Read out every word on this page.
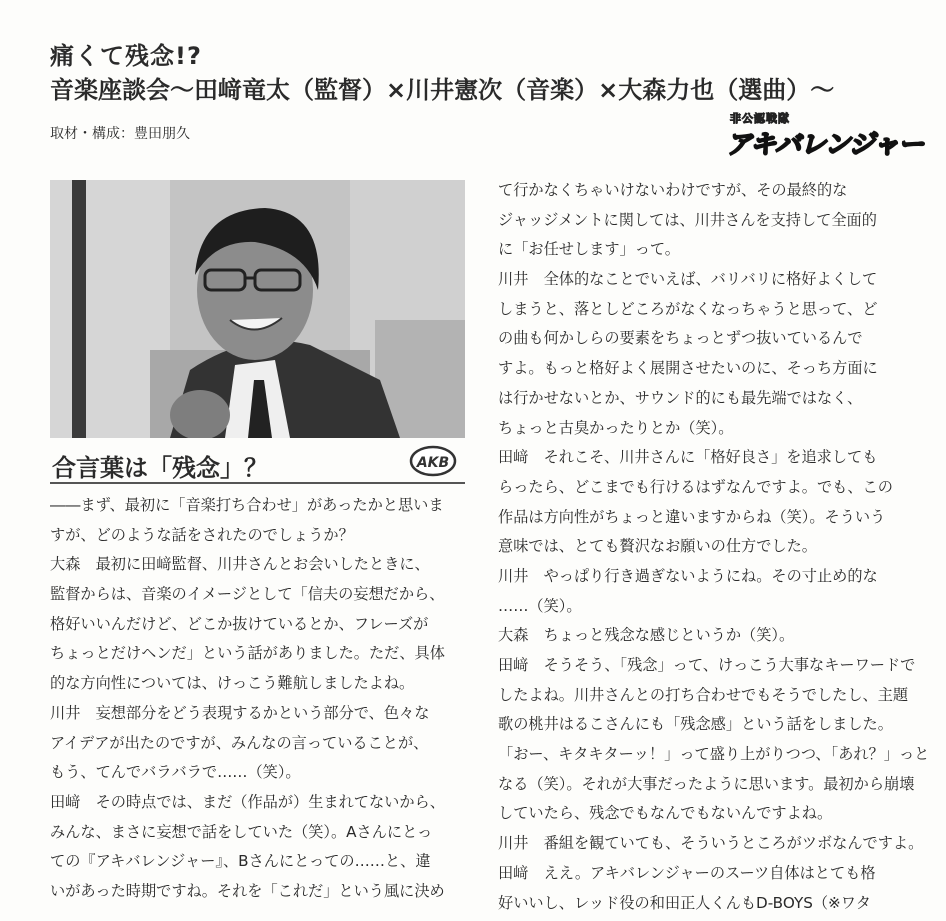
痛くて残念!?
音楽座談会〜田﨑竜太（監督）×川井憲次（音楽）×大森力也（選曲）〜
取材・構成：豊田朋久
非公認戦隊
アキバレンジャー
合言葉は「残念」？	AKB
――まず、最初に「音楽打ち合わせ」があったかと思いま
すが、どのような話をされたのでしょうか？
大森　最初に田﨑監督、川井さんとお会いしたときに、
監督からは、音楽のイメージとして「信夫の妄想だから、
格好いいんだけど、どこか抜けているとか、フレーズが
ちょっとだけヘンだ」という話がありました。ただ、具体
的な方向性については、けっこう難航しましたよね。
川井　妄想部分をどう表現するかという部分で、色々な
アイデアが出たのですが、みんなの言っていることが、
もう、てんでバラバラで……（笑）。
田﨑　その時点では、まだ（作品が）生まれてないから、
みんな、まさに妄想で話をしていた（笑）。Aさんにとっ
ての『アキバレンジャー』、Bさんにとっての……と、違
いがあった時期ですね。それを「これだ」という風に決め
て行かなくちゃいけないわけですが、その最終的な
ジャッジメントに関しては、川井さんを支持して全面的
に「お任せします」って。
川井　全体的なことでいえば、バリバリに格好よくして
しまうと、落としどころがなくなっちゃうと思って、ど
の曲も何かしらの要素をちょっとずつ抜いているんで
すよ。もっと格好よく展開させたいのに、そっち方面に
は行かせないとか、サウンド的にも最先端ではなく、
ちょっと古臭かったりとか（笑）。
田﨑　それこそ、川井さんに「格好良さ」を追求しても
らったら、どこまでも行けるはずなんですよ。でも、この
作品は方向性がちょっと違いますからね（笑）。そういう
意味では、とても贅沢なお願いの仕方でした。
川井　やっぱり行き過ぎないようにね。その寸止め的な
……（笑）。
大森　ちょっと残念な感じというか（笑）。
田﨑　そうそう、「残念」って、けっこう大事なキーワードで
したよね。川井さんとの打ち合わせでもそうでしたし、主題
歌の桃井はるこさんにも「残念感」という話をしました。
「おー、キタキターッ！」って盛り上がりつつ、「あれ？」っと
なる（笑）。それが大事だったように思います。最初から崩壊
していたら、残念でもなんでもないんですよね。
川井　番組を観ていても、そういうところがツボなんですよ。
田﨑　ええ。アキバレンジャーのスーツ自体はとても格
好いいし、レッド役の和田正人くんもD-BOYS（※ワタ
